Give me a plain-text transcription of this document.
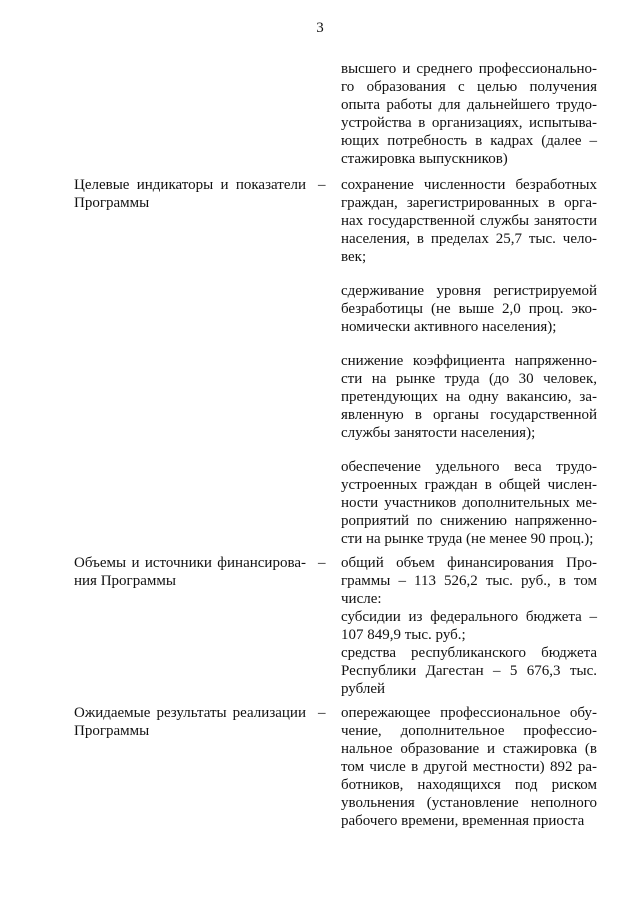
3

высшего и среднего профессионального образования с целью получения опыта работы для дальнейшего трудоустройства в организациях, испытывающих потребность в кадрах (далее – стажировка выпускников)

Целевые индикаторы и показатели Программы
– сохранение численности безработных граждан, зарегистрированных в органах государственной службы занятости населения, в пределах 25,7 тыс. человек;

сдерживание уровня регистрируемой безработицы (не выше 2,0 проц. экономически активного населения);

снижение коэффициента напряженности на рынке труда (до 30 человек, претендующих на одну вакансию, заявленную в органы государственной службы занятости населения);

обеспечение удельного веса трудоустроенных граждан в общей численности участников дополнительных мероприятий по снижению напряженности на рынке труда (не менее 90 проц.);

Объемы и источники финансирования Программы
– общий объем финансирования Программы – 113 526,2 тыс. руб., в том числе:

субсидии из федерального бюджета – 107 849,9 тыс. руб.;

средства республиканского бюджета Республики Дагестан – 5 676,3 тыс. рублей

Ожидаемые результаты реализации Программы
– опережающее профессиональное обучение, дополнительное профессиональное образование и стажировка (в том числе в другой местности) 892 работников, находящихся под риском увольнения (установление неполного рабочего времени, временная приоста
